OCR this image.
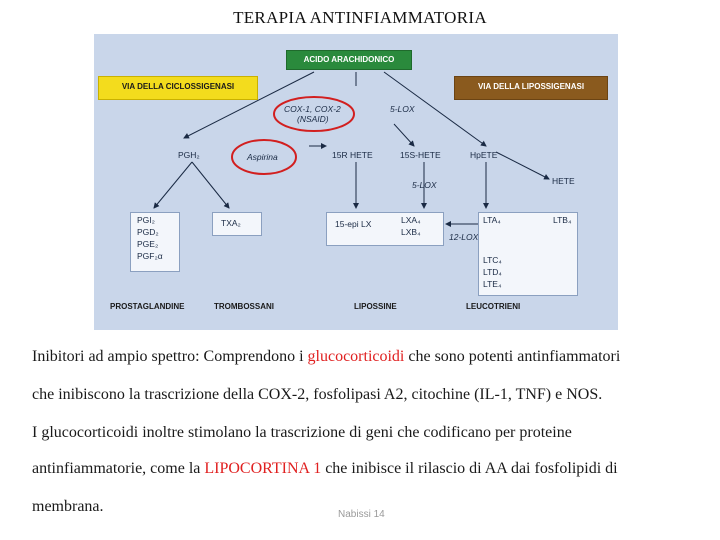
TERAPIA ANTINFIAMMATORIA
ACIDO ARACHIDONICO
VIA DELLA CICLOSSIGENASI	VIA DELLA LIPOSSIGENASI
COX-1, COX-2
(NSAID)
5-LOX
PGH₂	Aspirina	15R HETE	15S-HETE	HpETE
HETE
5-LOX
PGI₂
PGD₂
PGE₂
PGF₂α
TXA₂	15-epi LX	LXA₄
LXB₄	12-LOX
LTA₄	LTB₄
LTC₄
LTD₄
LTE₄
PROSTAGLANDINE	TROMBOSSANI	LIPOSSINE	LEUCOTRIENI
Inibitori ad ampio spettro: Comprendono i glucocorticoidi che sono potenti antinfiammatori
che inibiscono la trascrizione della COX-2, fosfolipasi A2, citochine (IL-1, TNF) e NOS.
I glucocorticoidi inoltre stimolano la trascrizione di geni che codificano per proteine
antinfiammatorie, come la LIPOCORTINA 1 che inibisce il rilascio di AA dai fosfolipidi di
membrana.	Nabissi 14
